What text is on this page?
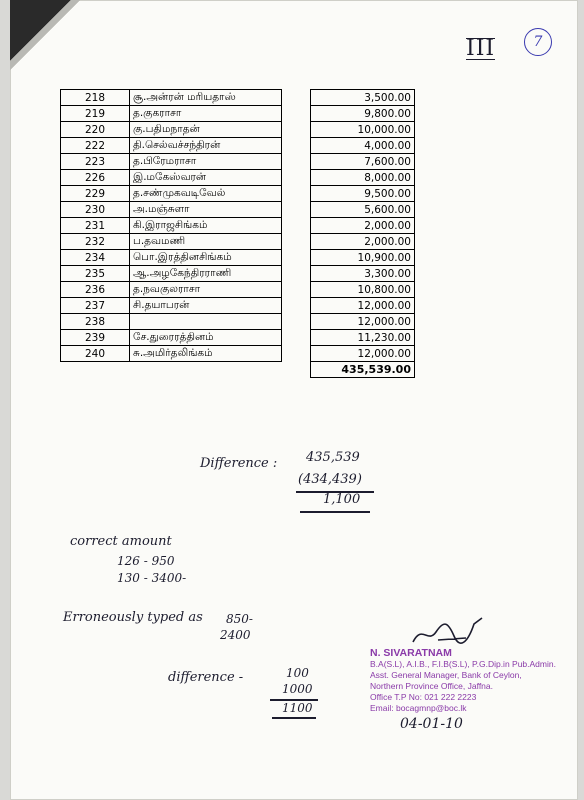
7
III
218	சூ.அன்ரன் மரியதாஸ்		3,500.00
219	த.குகராசா		9,800.00
220	கு.பதிமநாதன்		10,000.00
222	தி.செல்வச்சந்திரன்		4,000.00
223	த.பிரேமராசா		7,600.00
226	இ.மகேஸ்வரன்		8,000.00
229	த.சண்முகவடிவேல்		9,500.00
230	அ.மஞ்சுளா		5,600.00
231	கி.இராஜசிங்கம்		2,000.00
232	ப.தவமணி		2,000.00
234	பொ.இரத்தினசிங்கம்		10,900.00
235	ஆ.அழகேந்திரராணி		3,300.00
236	த.நவகுலராசா		10,800.00
237	சி.தயாபரன்		12,000.00
238			12,000.00
239	சே.துரைரத்தினம்		11,230.00
240	சு.அமிர்தலிங்கம்		12,000.00
			435,539.00
Difference : 435,539
(434,439)
1,100
correct amount
126 - 950
130 - 3400-
Erroneously typed as 850-
2400
difference -	100
1000
1100
N. SIVARATNAM
B.A(S.L), A.I.B., F.I.B(S.L), P.G.Dip.in Pub.Admin.
Asst. General Manager, Bank of Ceylon,
Northern Province Office, Jaffna.
Office T.P No: 021 222 2223
Email: bocagmnp@boc.lk
04-01-10
